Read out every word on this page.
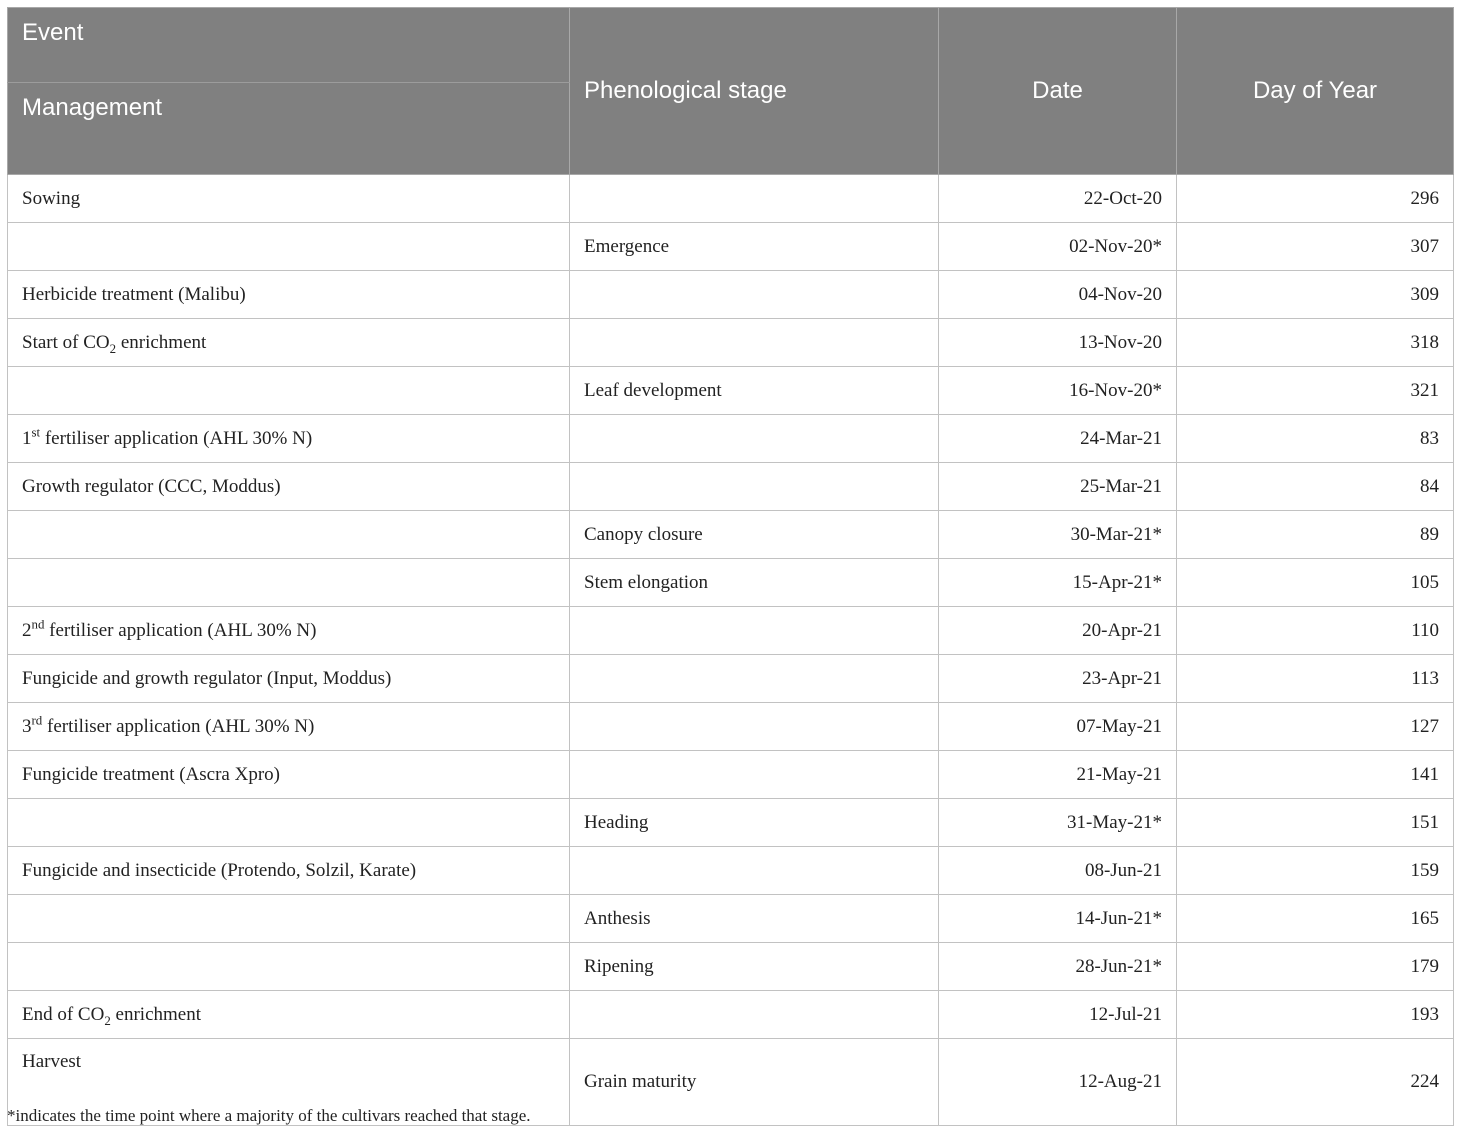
Event	Phenological stage	Date	Day of Year
Management			
Sowing		22-Oct-20	296
	Emergence	02-Nov-20*	307
Herbicide treatment (Malibu)		04-Nov-20	309
Start of $CO_2$ enrichment		13-Nov-20	318
	Leaf development	16-Nov-20*	321
1st fertiliser application (AHL 30% N)		24-Mar-21	83
Growth regulator (CCC, Moddus)		25-Mar-21	84
	Canopy closure	30-Mar-21*	89
	Stem elongation	15-Apr-21*	105
2nd fertiliser application (AHL 30% N)		20-Apr-21	110
Fungicide and growth regulator (Input, Moddus)		23-Apr-21	113
3rd fertiliser application (AHL 30% N)		07-May-21	127
Fungicide treatment (Ascra Xpro)		21-May-21	141
	Heading	31-May-21*	151
Fungicide and insecticide (Protendo, Solzil, Karate)		08-Jun-21	159
	Anthesis	14-Jun-21*	165
	Ripening	28-Jun-21*	179
End of $CO_2$ enrichment		12-Jul-21	193
Harvest	Grain maturity	12-Aug-21	224
*indicates the time point where a majority of the cultivars reached that stage.
